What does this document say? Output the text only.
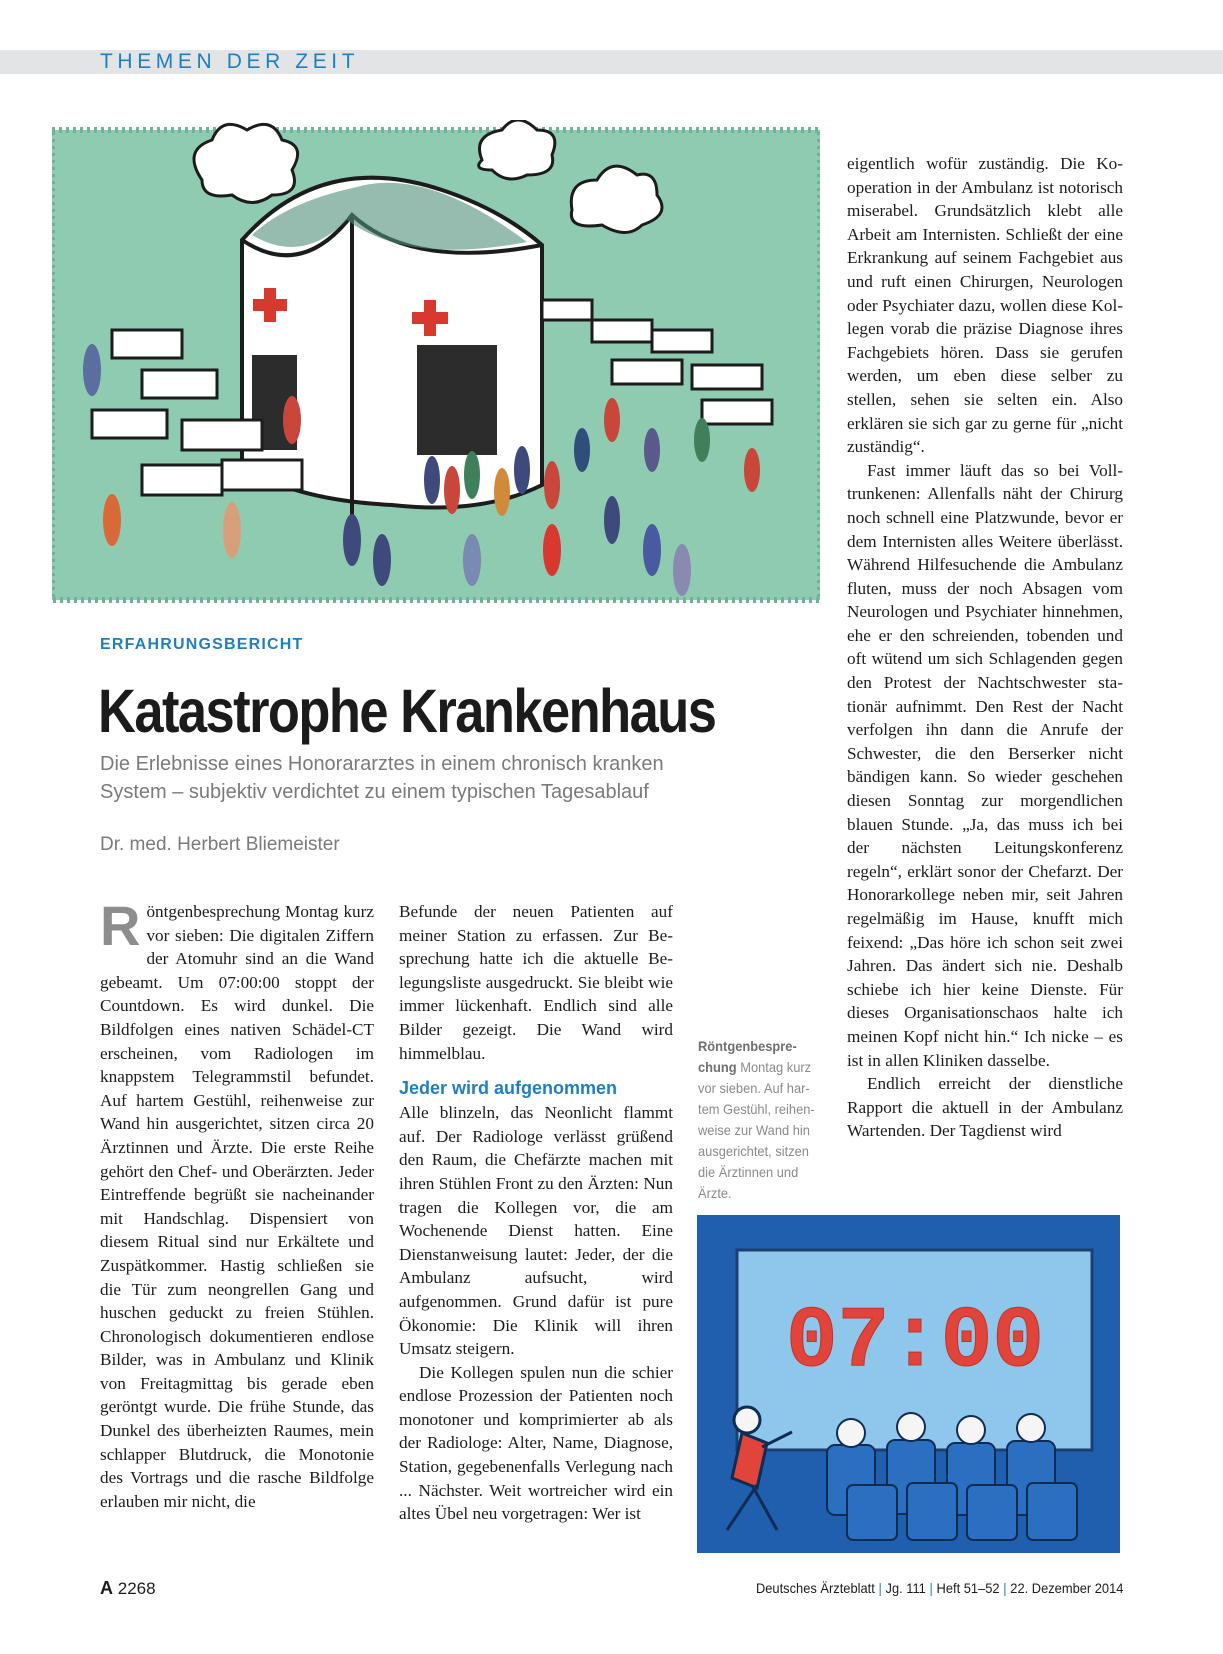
THEMEN DER ZEIT
ERFAHRUNGSBERICHT
Katastrophe Krankenhaus
Die Erlebnisse eines Honorararztes in einem chronisch kranken
System – subjektiv verdichtet zu einem typischen Tagesablauf
Dr. med. Herbert Bliemeister

Röntgenbesprechung Montag kurz vor sieben: Die digitalen Ziffern der Atomuhr sind an die Wand gebeamt. Um 07:00:00 stoppt der Countdown. Es wird dunkel. Die Bildfolgen eines nativen Schädel-CT erscheinen, vom Radiologen im knappstem Telegrammstil befundet. Auf hartem Gestühl, reihenweise zur Wand hin ausgerichtet, sitzen circa 20 Ärztinnen und Ärzte. Die erste Reihe gehört den Chef- und Oberärzten. Jeder Eintreffende begrüßt sie nacheinander mit Handschlag. Dispensiert von diesem Ritual sind nur Erkältete und Zuspätkommer. Hastig schließen sie die Tür zum neongrellen Gang und huschen geduckt zu freien Stühlen. Chronologisch dokumentieren endlose Bilder, was in Ambulanz und Klinik von Freitagmittag bis gerade eben geröntgt wurde. Die frühe Stunde, das Dunkel des überheizten Raumes, mein schlapper Blutdruck, die Monotonie des Vortrags und die rasche Bildfolge erlauben mir nicht, die

Befunde der neuen Patienten auf meiner Station zu erfassen. Zur Besprechung hatte ich die aktuelle Belegungsliste ausgedruckt. Sie bleibt wie immer lückenhaft. Endlich sind alle Bilder gezeigt. Die Wand wird himmelblau.

Jeder wird aufgenommen

Alle blinzeln, das Neonlicht flammt auf. Der Radiologe verlässt grüßend den Raum, die Chefärzte machen mit ihren Stühlen Front zu den Ärzten: Nun tragen die Kollegen vor, die am Wochenende Dienst hatten. Eine Dienstanweisung lautet: Jeder, der die Ambulanz aufsucht, wird aufgenommen. Grund dafür ist pure Ökonomie: Die Klinik will ihren Umsatz steigern.

Die Kollegen spulen nun die schier endlose Prozession der Patienten noch monotoner und komprimierter ab als der Radiologe: Alter, Name, Diagnose, Station, gegebenenfalls Verlegung nach ... Nächster. Weit wortreicher wird ein altes Übel neu vorgetragen: Wer ist

eigentlich wofür zuständig. Die Kooperation in der Ambulanz ist notorisch miserabel. Grundsätzlich klebt alle Arbeit am Internisten. Schließt der eine Erkrankung auf seinem Fachgebiet aus und ruft einen Chirurgen, Neurologen oder Psychiater dazu, wollen diese Kollegen vorab die präzise Diagnose ihres Fachgebiets hören. Dass sie gerufen werden, um eben diese selber zu stellen, sehen sie selten ein. Also erklären sie sich gar zu gerne für „nicht zuständig“.

Fast immer läuft das so bei Volltrunkenen: Allenfalls näht der Chirurg noch schnell eine Platzwunde, bevor er dem Internisten alles Weitere überlässt. Während Hilfesuchende die Ambulanz fluten, muss der noch Absagen vom Neurologen und Psychiater hinnehmen, ehe er den schreienden, tobenden und oft wütend um sich Schlagenden gegen den Protest der Nachtschwester stationär aufnimmt. Den Rest der Nacht verfolgen ihn dann die Anrufe der Schwester, die den Berserker nicht bändigen kann. So wieder geschehen diesen Sonntag zur morgendlichen blauen Stunde. „Ja, das muss ich bei der nächsten Leitungskonferenz regeln“, erklärt sonor der Chefarzt. Der Honorarkollege neben mir, seit Jahren regelmäßig im Hause, knufft mich feixend: „Das höre ich schon seit zwei Jahren. Das ändert sich nie. Deshalb schiebe ich hier keine Dienste. Für dieses Organisationschaos halte ich meinen Kopf nicht hin.“ Ich nicke – es ist in allen Kliniken dasselbe.

Endlich erreicht der dienstliche Rapport die aktuell in der Ambulanz Wartenden. Der Tagdienst wird

Röntgenbesprechung Montag kurz vor sieben. Auf hartem Gestühl, reihenweise zur Wand hin ausgerichtet, sitzen die Ärztinnen und Ärzte.
07:00
A 2268	Deutsches Ärzteblatt | Jg. 111 | Heft 51–52 | 22. Dezember 2014
